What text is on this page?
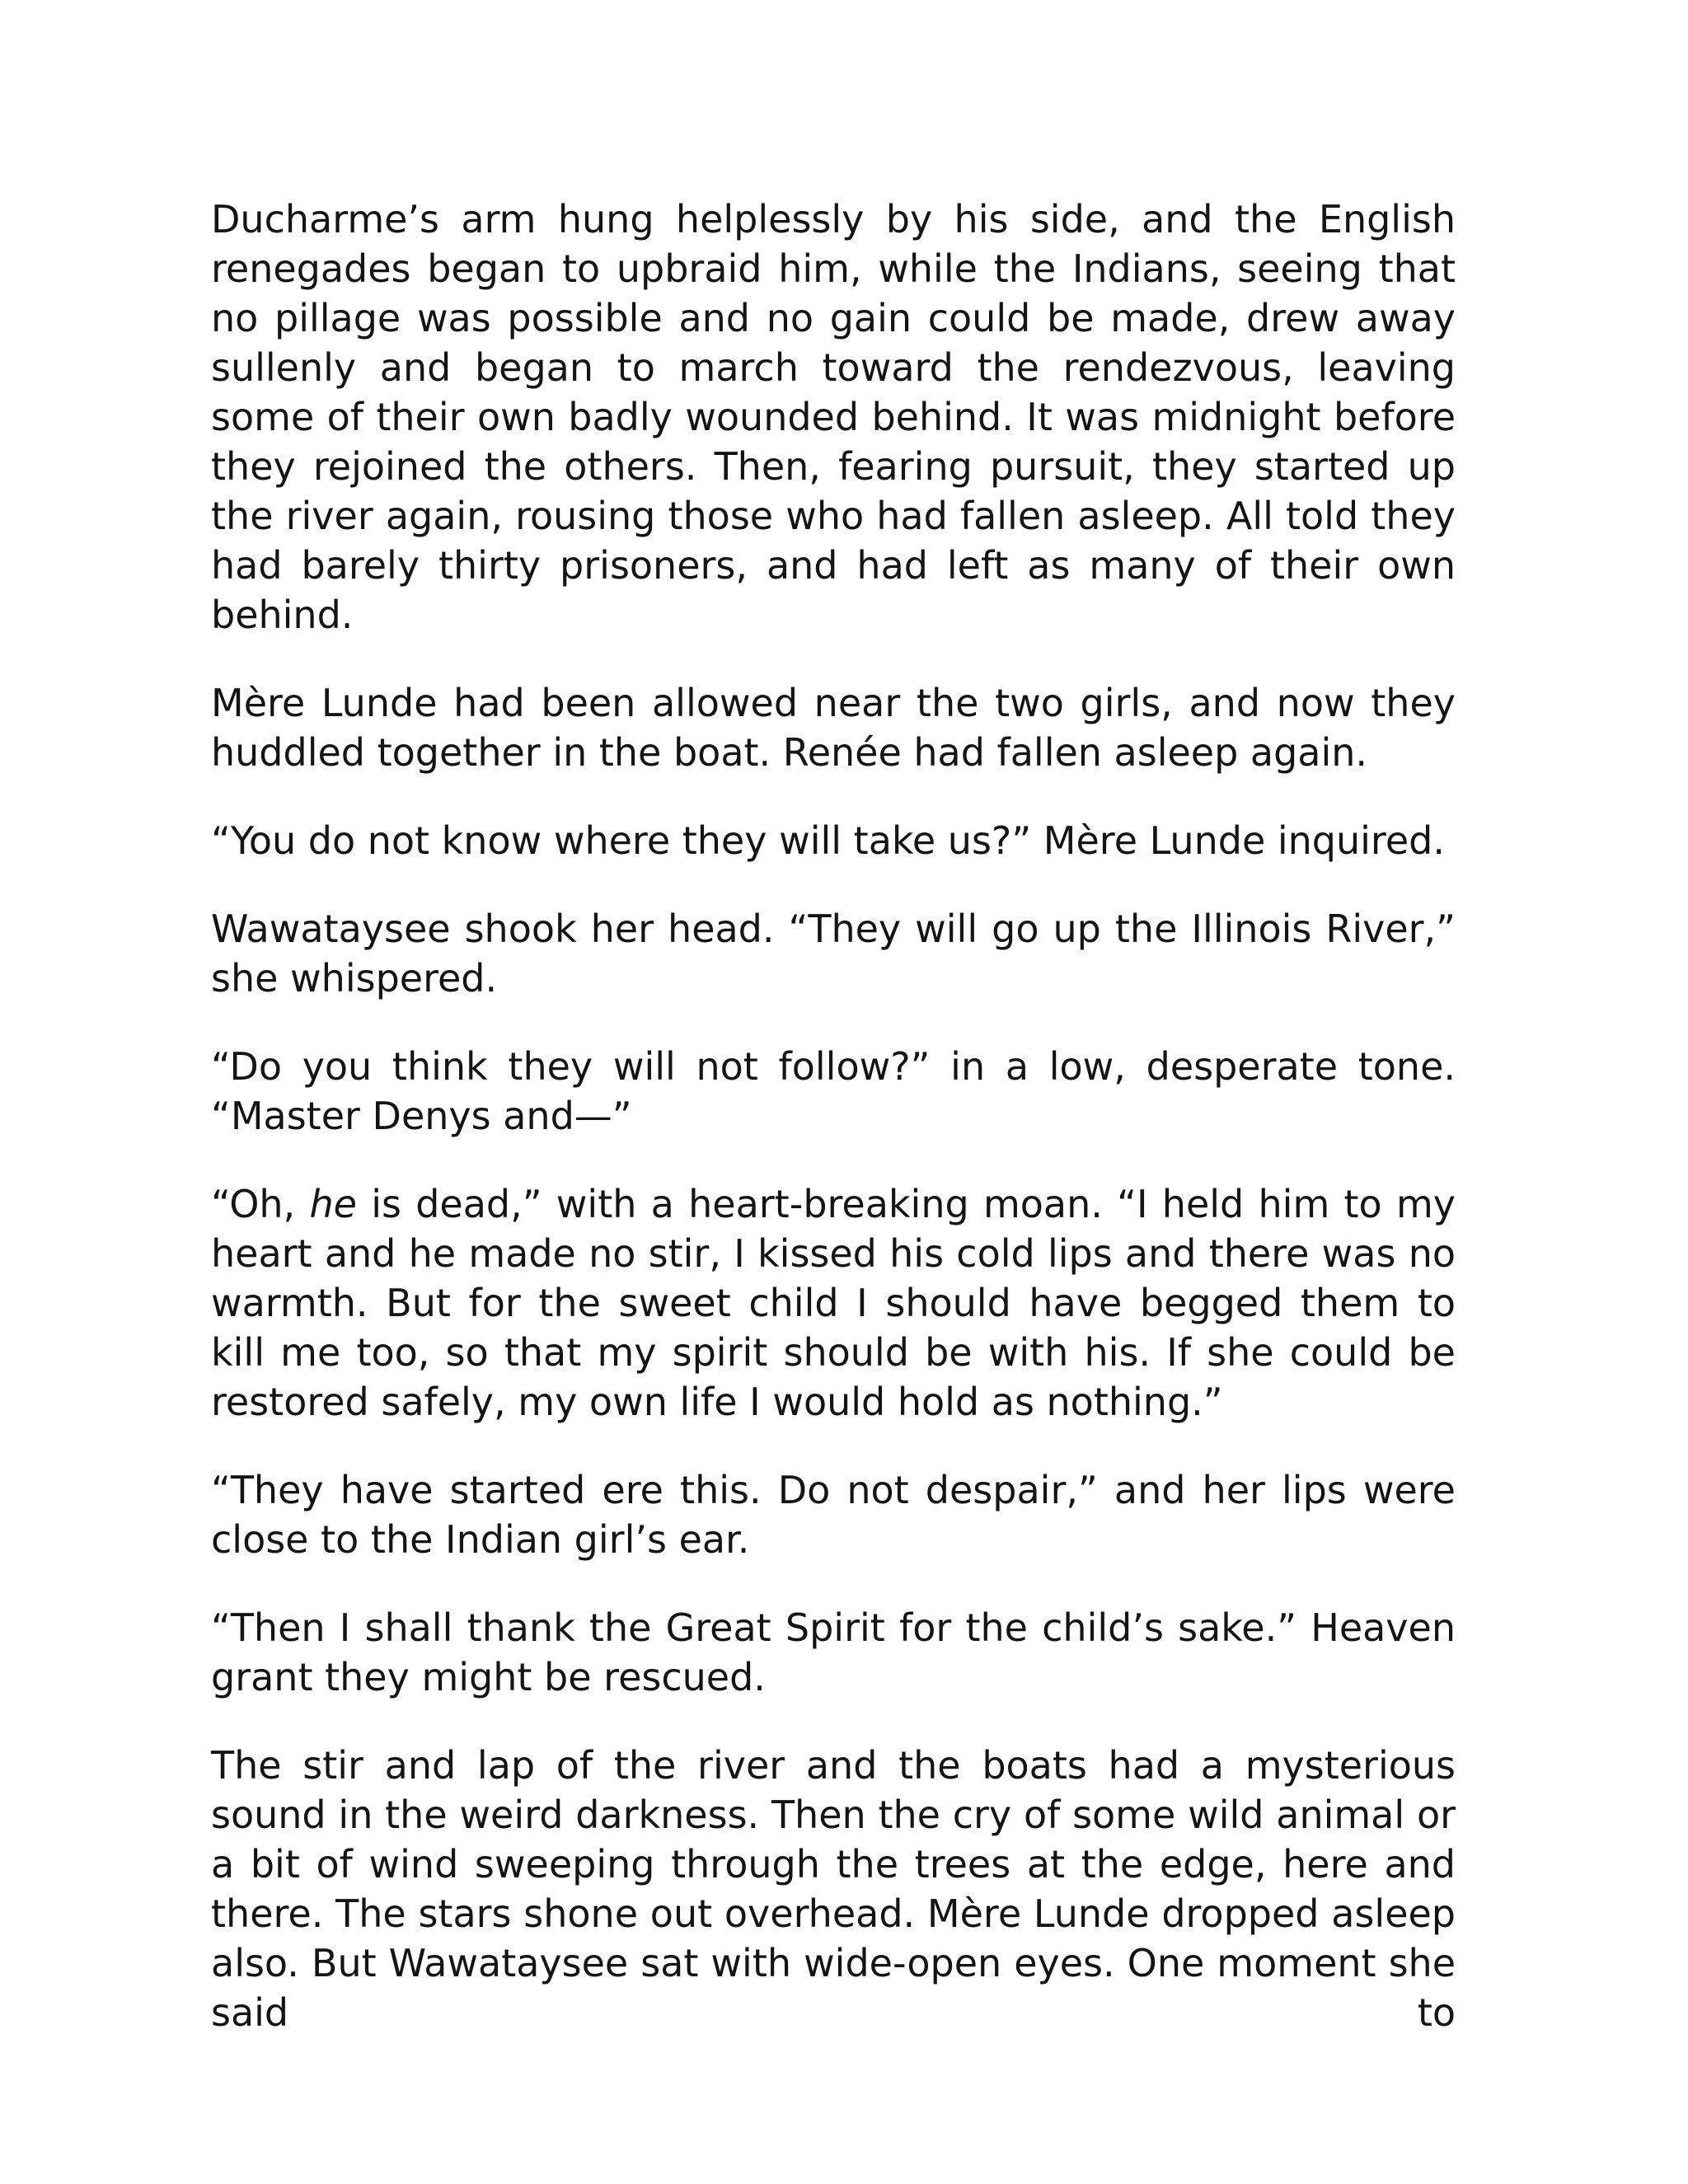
Ducharme’s arm hung helplessly by his side, and the English renegades began to upbraid him, while the Indians, seeing that no pillage was possible and no gain could be made, drew away sullenly and began to march toward the rendezvous, leaving some of their own badly wounded behind. It was midnight before they rejoined the others. Then, fearing pursuit, they started up the river again, rousing those who had fallen asleep. All told they had barely thirty prisoners, and had left as many of their own behind.

Mère Lunde had been allowed near the two girls, and now they huddled together in the boat. Renée had fallen asleep again.

“You do not know where they will take us?” Mère Lunde inquired.

Wawataysee shook her head. “They will go up the Illinois River,” she whispered.

“Do you think they will not follow?” in a low, desperate tone. “Master Denys and—”

“Oh, he is dead,” with a heart-breaking moan. “I held him to my heart and he made no stir, I kissed his cold lips and there was no warmth. But for the sweet child I should have begged them to kill me too, so that my spirit should be with his. If she could be restored safely, my own life I would hold as nothing.”

“They have started ere this. Do not despair,” and her lips were close to the Indian girl’s ear.

“Then I shall thank the Great Spirit for the child’s sake.” Heaven grant they might be rescued.

The stir and lap of the river and the boats had a mysterious sound in the weird darkness. Then the cry of some wild animal or a bit of wind sweeping through the trees at the edge, here and there. The stars shone out overhead. Mère Lunde dropped asleep also. But Wawataysee sat with wide-open eyes. One moment she said to
